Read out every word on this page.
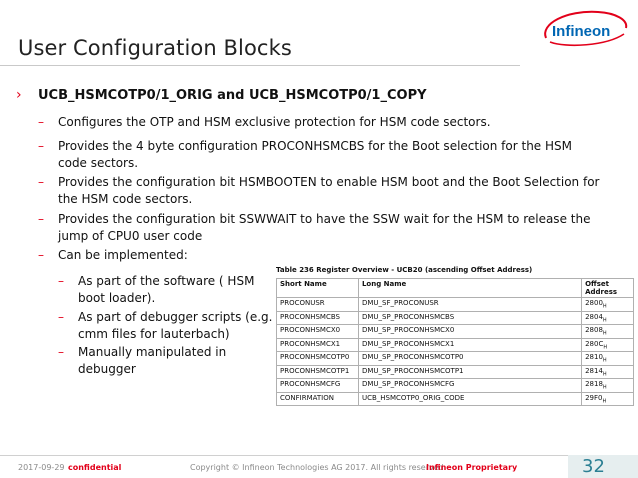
User Configuration Blocks
Infineon
› UCB_HSMCOTP0/1_ORIG and UCB_HSMCOTP0/1_COPY
– Configures the OTP and HSM exclusive protection for HSM code sectors.
– Provides the 4 byte configuration PROCONHSMCBS for the Boot selection for the HSM code sectors.
– Provides the configuration bit HSMBOOTEN to enable HSM boot and the Boot Selection for the HSM code sectors.
– Provides the configuration bit SSWWAIT to have the SSW wait for the HSM to release the jump of CPU0 user code
– Can be implemented:
– As part of the software ( HSM boot loader).
– As part of debugger scripts (e.g. cmm files for lauterbach)
– Manually manipulated in debugger
Table 236 Register Overview - UCB20 (ascending Offset Address)
Short Name	Long Name	Offset Address
PROCONUSR	DMU_SF_PROCONUSR	$2800_H$
PROCONHSMCBS	DMU_SP_PROCONHSMCBS	$2804_H$
PROCONHSMCX0	DMU_SP_PROCONHSMCX0	$2808_H$
PROCONHSMCX1	DMU_SP_PROCONHSMCX1	$280C_H$
PROCONHSMCOTP0	DMU_SP_PROCONHSMCOTP0	$2810_H$
PROCONHSMCOTP1	DMU_SP_PROCONHSMCOTP1	$2814_H$
PROCONHSMCFG	DMU_SP_PROCONHSMCFG	$2818_H$
CONFIRMATION	UCB_HSMCOTP0_ORIG_CODE	$29F0_H$
2017-09-29 confidential	Copyright © Infineon Technologies AG 2017. All rights reserved.
Infineon Proprietary	32
